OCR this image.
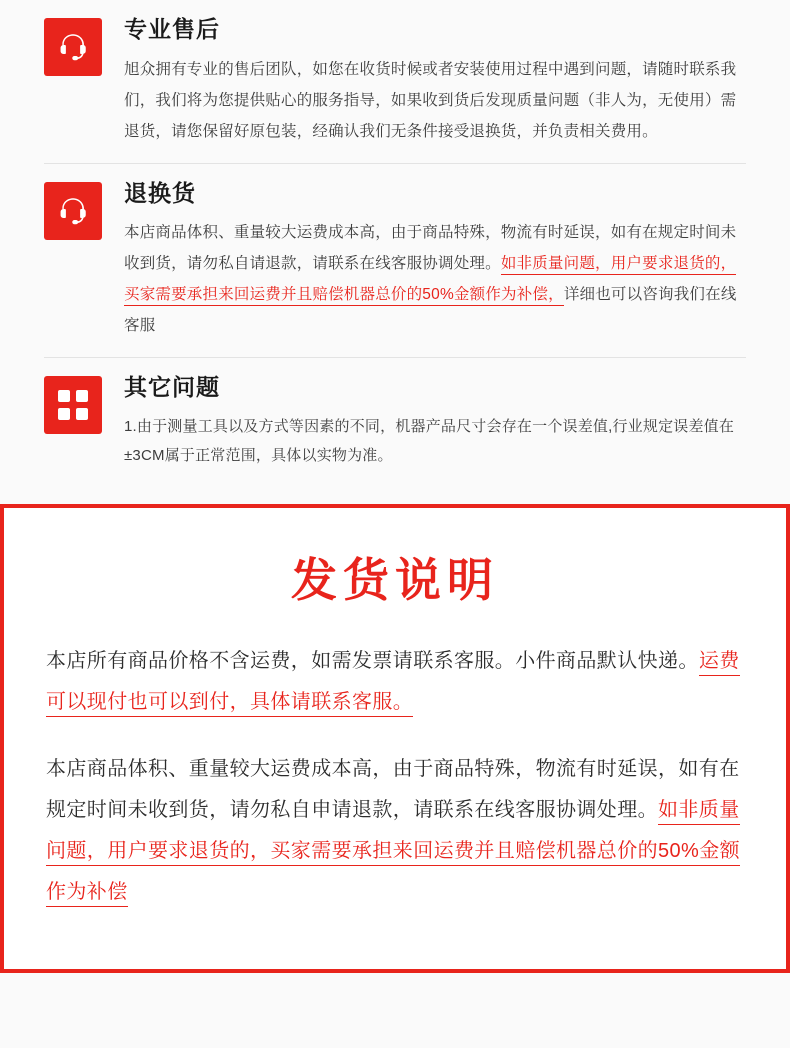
专业售后
旭众拥有专业的售后团队，如您在收货时候或者安装使用过程中遇到问题，请随时联系我们，我们将为您提供贴心的服务指导，如果收到货后发现质量问题（非人为，无使用）需退货，请您保留好原包装，经确认我们无条件接受退换货，并负责相关费用。
退换货
本店商品体积、重量较大运费成本高，由于商品特殊，物流有时延误，如有在规定时间未收到货，请勿私自请退款，请联系在线客服协调处理。如非质量问题，用户要求退货的，买家需要承担来回运费并且赔偿机器总价的50%金额作为补偿，详细也可以咨询我们在线客服
其它问题
1.由于测量工具以及方式等因素的不同，机器产品尺寸会存在一个误差值,行业规定误差值在±3CM属于正常范围，具体以实物为准。
发货说明

本店所有商品价格不含运费，如需发票请联系客服。小件商品默认快递。运费可以现付也可以到付，具体请联系客服。

本店商品体积、重量较大运费成本高，由于商品特殊，物流有时延误，如有在规定时间未收到货，请勿私自申请退款，请联系在线客服协调处理。如非质量问题，用户要求退货的，买家需要承担来回运费并且赔偿机器总价的50%金额作为补偿
